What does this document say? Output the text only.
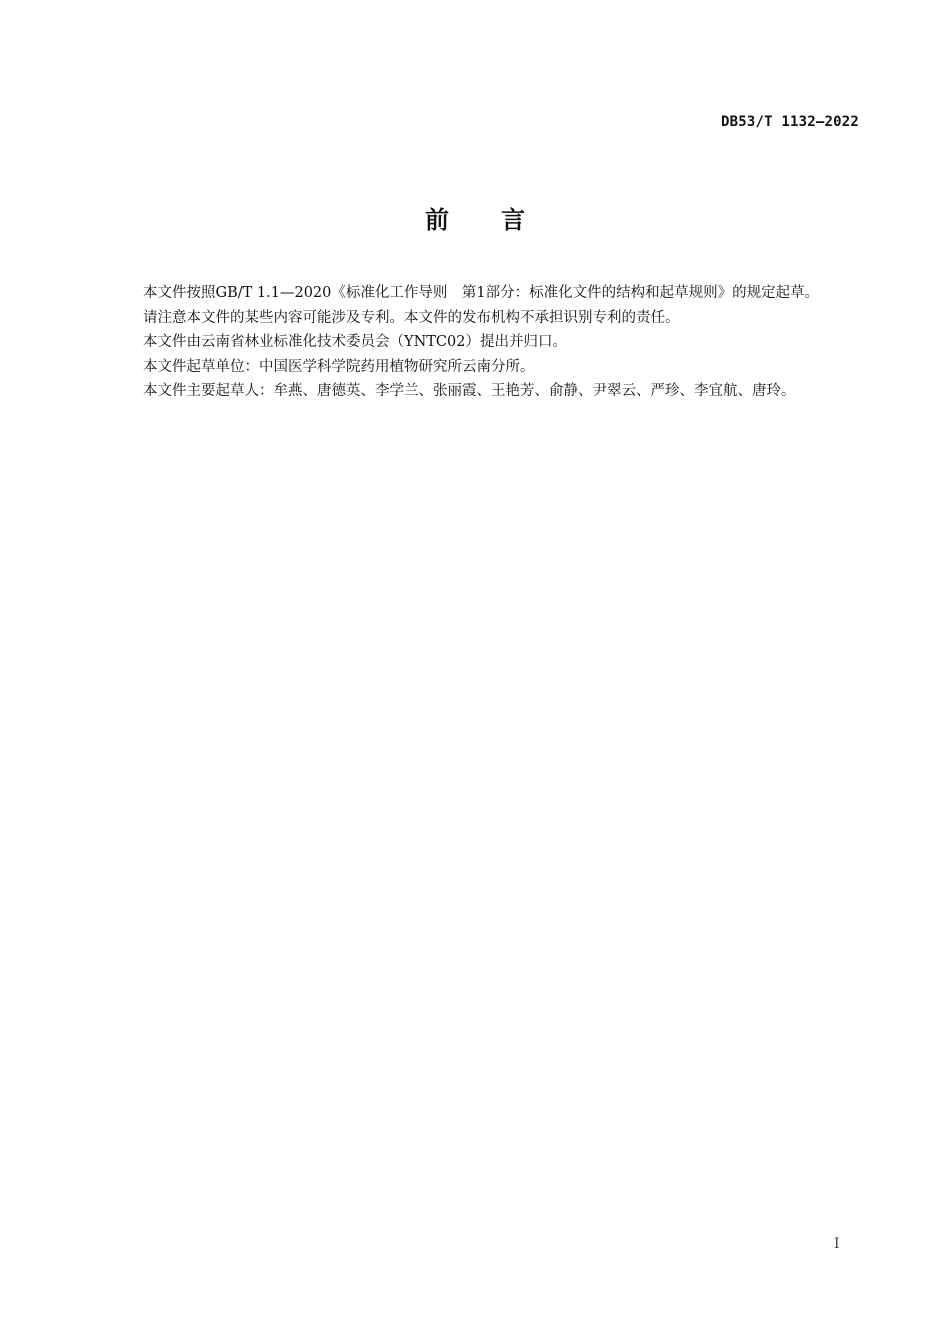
DB53/T 1132—2022
前 言

本文件按照GB/T 1.1—2020《标准化工作导则　第1部分：标准化文件的结构和起草规则》的规定起草。

请注意本文件的某些内容可能涉及专利。本文件的发布机构不承担识别专利的责任。

本文件由云南省林业标准化技术委员会（YNTC02）提出并归口。

本文件起草单位：中国医学科学院药用植物研究所云南分所。

本文件主要起草人：牟燕、唐德英、李学兰、张丽霞、王艳芳、俞静、尹翠云、严珍、李宜航、唐玲。

I
